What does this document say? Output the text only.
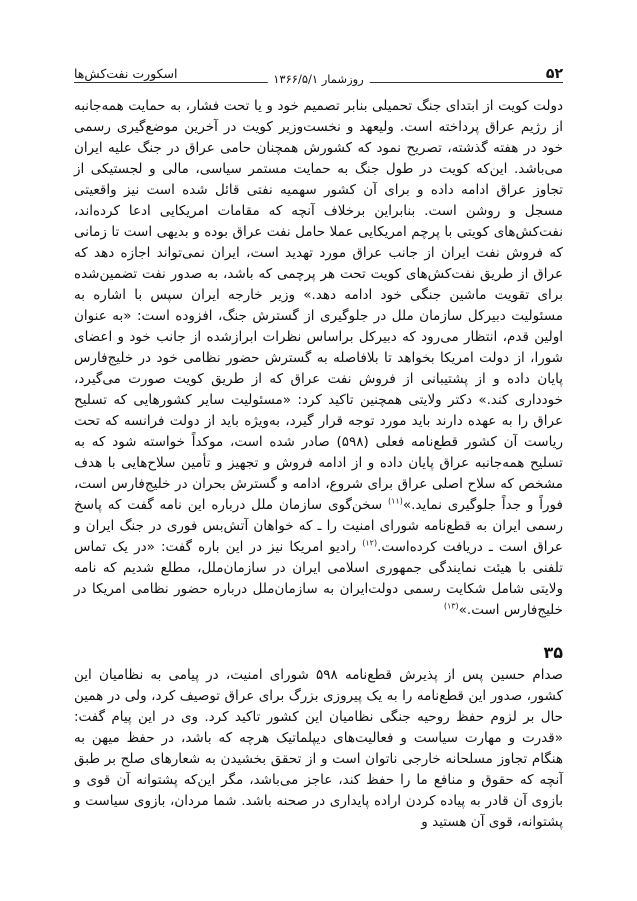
۵۲
روزشمار ۱۳۶۶/۵/۱
اسکورت نفت‌کش‌ها

دولت کویت از ابتدای جنگ تحمیلی بنابر تصمیم خود و یا تحت فشار، به حمایت همه‌جانبه از رژیم عراق پرداخته است. ولیعهد و نخست‌وزیر کویت در آخرین موضع‌گیری رسمی خود در هفته گذشته، تصریح نمود که کشورش همچنان حامی عراق در جنگ علیه ایران می‌باشد. این‌که کویت در طول جنگ به حمایت مستمر سیاسی، مالی و لجستیکی از تجاوز عراق ادامه داده و برای آن کشور سهمیه نفتی قائل شده است نیز واقعیتی مسجل و روشن است. بنابراین برخلاف آنچه که مقامات امریکایی ادعا کرده‌اند، نفت‌کش‌های کویتی با پرچم امریکایی عملا حامل نفت عراق بوده و بدیهی است تا زمانی که فروش نفت ایران از جانب عراق مورد تهدید است، ایران نمی‌تواند اجازه دهد که عراق از طریق نفت‌کش‌های کویت تحت هر پرچمی که باشد، به صدور نفت تضمین‌شده برای تقویت ماشین جنگی خود ادامه دهد.» وزیر خارجه ایران سپس با اشاره به مسئولیت دبیرکل سازمان ملل در جلوگیری از گسترش جنگ، افزوده است: «به عنوان اولین قدم، انتظار می‌رود که دبیرکل براساس نظرات ابرازشده از جانب خود و اعضای شورا، از دولت امریکا بخواهد تا بلافاصله به گسترش حضور نظامی خود در خلیج‌فارس پایان داده و از پشتیبانی از فروش نفت عراق که از طریق کویت صورت می‌گیرد، خودداری کند.» دکتر ولایتی همچنین تاکید کرد: «مسئولیت سایر کشورهایی که تسلیح عراق را به عهده دارند باید مورد توجه قرار گیرد، به‌ویژه باید از دولت فرانسه که تحت ریاست آن کشور قطع‌نامه فعلی (۵۹۸) صادر شده است، موکداً خواسته شود که به تسلیح همه‌جانبه عراق پایان داده و از ادامه فروش و تجهیز و تأمین سلاح‌هایی با هدف مشخص که سلاح اصلی عراق برای شروع، ادامه و گسترش بحران در خلیج‌فارس است، فوراً و جداً جلوگیری نماید.»$^{(۱۱)}$ سخن‌گوی سازمان ملل درباره این نامه گفت که پاسخ رسمی ایران به قطع‌نامه شورای امنیت را ـ که خواهان آتش‌بس فوری در جنگ ایران و عراق است ـ دریافت کرده‌است.$^{(۱۲)}$ رادیو امریکا نیز در این باره گفت: «در یک تماس تلفنی با هیئت نمایندگی جمهوری اسلامی ایران در سازمان‌ملل، مطلع شدیم که نامه ولایتی شامل شکایت رسمی دولت‌ایران به سازمان‌ملل درباره حضور نظامی امریکا در خلیج‌فارس است.»$^{(۱۳)}$

۳۵

صدام حسین پس از پذیرش قطع‌نامه ۵۹۸ شورای امنیت، در پیامی به نظامیان این کشور، صدور این قطع‌نامه را به یک پیروزی بزرگ برای عراق توصیف کرد، ولی در همین حال بر لزوم حفظ روحیه جنگی نظامیان این کشور تاکید کرد. وی در این پیام گفت: «قدرت و مهارت سیاست و فعالیت‌های دیپلماتیک هرچه که باشد، در حفظ میهن به هنگام تجاوز مسلحانه خارجی ناتوان است و از تحقق بخشیدن به شعارهای صلح بر طبق آنچه که حقوق و منافع ما را حفظ کند، عاجز می‌باشد، مگر این‌که پشتوانه آن قوی و بازوی آن قادر به پیاده کردن اراده پایداری در صحنه باشد. شما مردان، بازوی سیاست و پشتوانه، قوی آن هستید و
